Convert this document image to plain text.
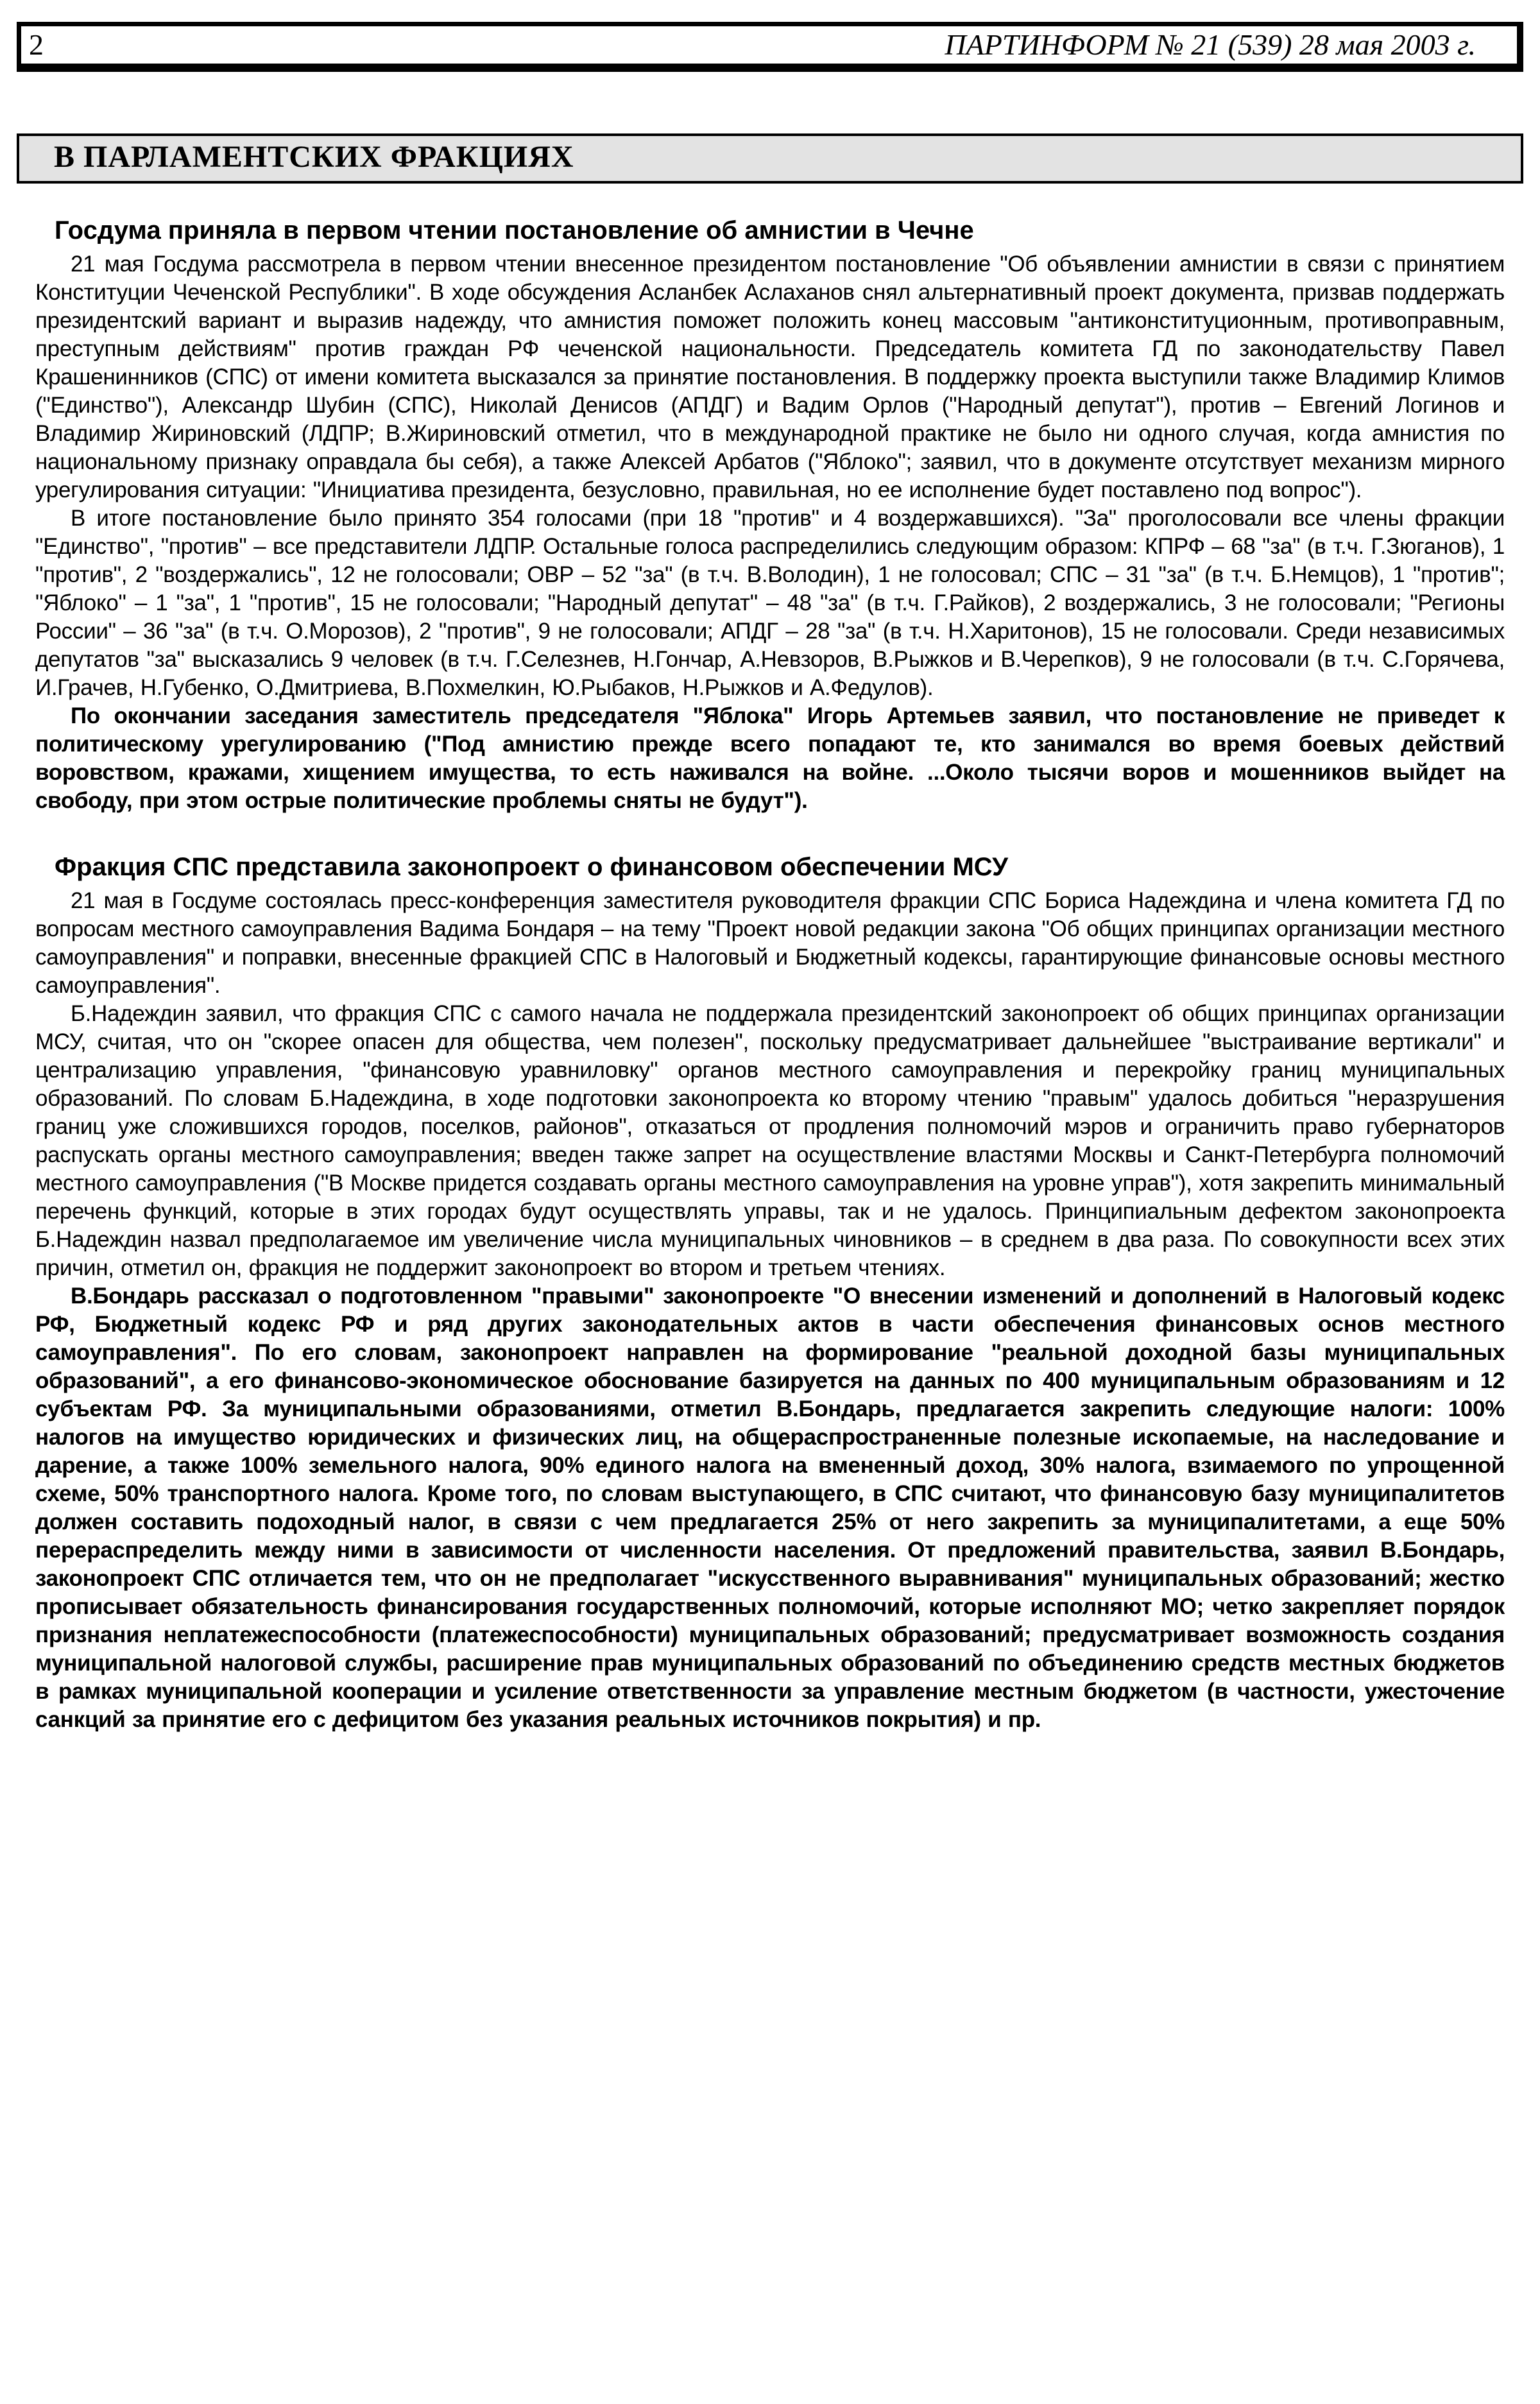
2	ПАРТИНФОРМ № 21 (539) 28 мая 2003 г.
В ПАРЛАМЕНТСКИХ ФРАКЦИЯХ
Госдума приняла в первом чтении постановление об амнистии в Чечне

21 мая Госдума рассмотрела в первом чтении внесенное президентом постановление "Об объявлении амнистии в связи с принятием Конституции Чеченской Республики". В ходе обсуждения Асланбек Аслаханов снял альтернативный проект документа, призвав поддержать президентский вариант и выразив надежду, что амнистия поможет положить конец массовым "антиконституционным, противоправным, преступным действиям" против граждан РФ чеченской национальности. Председатель комитета ГД по законодательству Павел Крашенинников (СПС) от имени комитета высказался за принятие постановления. В поддержку проекта выступили также Владимир Климов ("Единство"), Александр Шубин (СПС), Николай Денисов (АПДГ) и Вадим Орлов ("Народный депутат"), против – Евгений Логинов и Владимир Жириновский (ЛДПР; В.Жириновский отметил, что в международной практике не было ни одного случая, когда амнистия по национальному признаку оправдала бы себя), а также Алексей Арбатов ("Яблоко"; заявил, что в документе отсутствует механизм мирного урегулирования ситуации: "Инициатива президента, безусловно, правильная, но ее исполнение будет поставлено под вопрос").

В итоге постановление было принято 354 голосами (при 18 "против" и 4 воздержавшихся). "За" проголосовали все члены фракции "Единство", "против" – все представители ЛДПР. Остальные голоса распределились следующим образом: КПРФ – 68 "за" (в т.ч. Г.Зюганов), 1 "против", 2 "воздержались", 12 не голосовали; ОВР – 52 "за" (в т.ч. В.Володин), 1 не голосовал; СПС – 31 "за" (в т.ч. Б.Немцов), 1 "против"; "Яблоко" – 1 "за", 1 "против", 15 не голосовали; "Народный депутат" – 48 "за" (в т.ч. Г.Райков), 2 воздержались, 3 не голосовали; "Регионы России" – 36 "за" (в т.ч. О.Морозов), 2 "против", 9 не голосовали; АПДГ – 28 "за" (в т.ч. Н.Харитонов), 15 не голосовали. Среди независимых депутатов "за" высказались 9 человек (в т.ч. Г.Селезнев, Н.Гончар, А.Невзоров, В.Рыжков и В.Черепков), 9 не голосовали (в т.ч. С.Горячева, И.Грачев, Н.Губенко, О.Дмитриева, В.Похмелкин, Ю.Рыбаков, Н.Рыжков и А.Федулов).

По окончании заседания заместитель председателя "Яблока" Игорь Артемьев заявил, что постановление не приведет к политическому урегулированию ("Под амнистию прежде всего попадают те, кто занимался во время боевых действий воровством, кражами, хищением имущества, то есть наживался на войне. ...Около тысячи воров и мошенников выйдет на свободу, при этом острые политические проблемы сняты не будут").

Фракция СПС представила законопроект о финансовом обеспечении МСУ

21 мая в Госдуме состоялась пресс-конференция заместителя руководителя фракции СПС Бориса Надеждина и члена комитета ГД по вопросам местного самоуправления Вадима Бондаря – на тему "Проект новой редакции закона "Об общих принципах организации местного самоуправления" и поправки, внесенные фракцией СПС в Налоговый и Бюджетный кодексы, гарантирующие финансовые основы местного самоуправления".

Б.Надеждин заявил, что фракция СПС с самого начала не поддержала президентский законопроект об общих принципах организации МСУ, считая, что он "скорее опасен для общества, чем полезен", поскольку предусматривает дальнейшее "выстраивание вертикали" и централизацию управления, "финансовую уравниловку" органов местного самоуправления и перекройку границ муниципальных образований. По словам Б.Надеждина, в ходе подготовки законопроекта ко второму чтению "правым" удалось добиться "неразрушения границ уже сложившихся городов, поселков, районов", отказаться от продления полномочий мэров и ограничить право губернаторов распускать органы местного самоуправления; введен также запрет на осуществление властями Москвы и Санкт-Петербурга полномочий местного самоуправления ("В Москве придется создавать органы местного самоуправления на уровне управ"), хотя закрепить минимальный перечень функций, которые в этих городах будут осуществлять управы, так и не удалось. Принципиальным дефектом законопроекта Б.Надеждин назвал предполагаемое им увеличение числа муниципальных чиновников – в среднем в два раза. По совокупности всех этих причин, отметил он, фракция не поддержит законопроект во втором и третьем чтениях.

В.Бондарь рассказал о подготовленном "правыми" законопроекте "О внесении изменений и дополнений в Налоговый кодекс РФ, Бюджетный кодекс РФ и ряд других законодательных актов в части обеспечения финансовых основ местного самоуправления". По его словам, законопроект направлен на формирование "реальной доходной базы муниципальных образований", а его финансово-экономическое обоснование базируется на данных по 400 муниципальным образованиям и 12 субъектам РФ. За муниципальными образованиями, отметил В.Бондарь, предлагается закрепить следующие налоги: 100% налогов на имущество юридических и физических лиц, на общераспространенные полезные ископаемые, на наследование и дарение, а также 100% земельного налога, 90% единого налога на вмененный доход, 30% налога, взимаемого по упрощенной схеме, 50% транспортного налога. Кроме того, по словам выступающего, в СПС считают, что финансовую базу муниципалитетов должен составить подоходный налог, в связи с чем предлагается 25% от него закрепить за муниципалитетами, а еще 50% перераспределить между ними в зависимости от численности населения. От предложений правительства, заявил В.Бондарь, законопроект СПС отличается тем, что он не предполагает "искусственного выравнивания" муниципальных образований; жестко прописывает обязательность финансирования государственных полномочий, которые исполняют МО; четко закрепляет порядок признания неплатежеспособности (платежеспособности) муниципальных образований; предусматривает возможность создания муниципальной налоговой службы, расширение прав муниципальных образований по объединению средств местных бюджетов в рамках муниципальной кооперации и усиление ответственности за управление местным бюджетом (в частности, ужесточение санкций за принятие его с дефицитом без указания реальных источников покрытия) и пр.
